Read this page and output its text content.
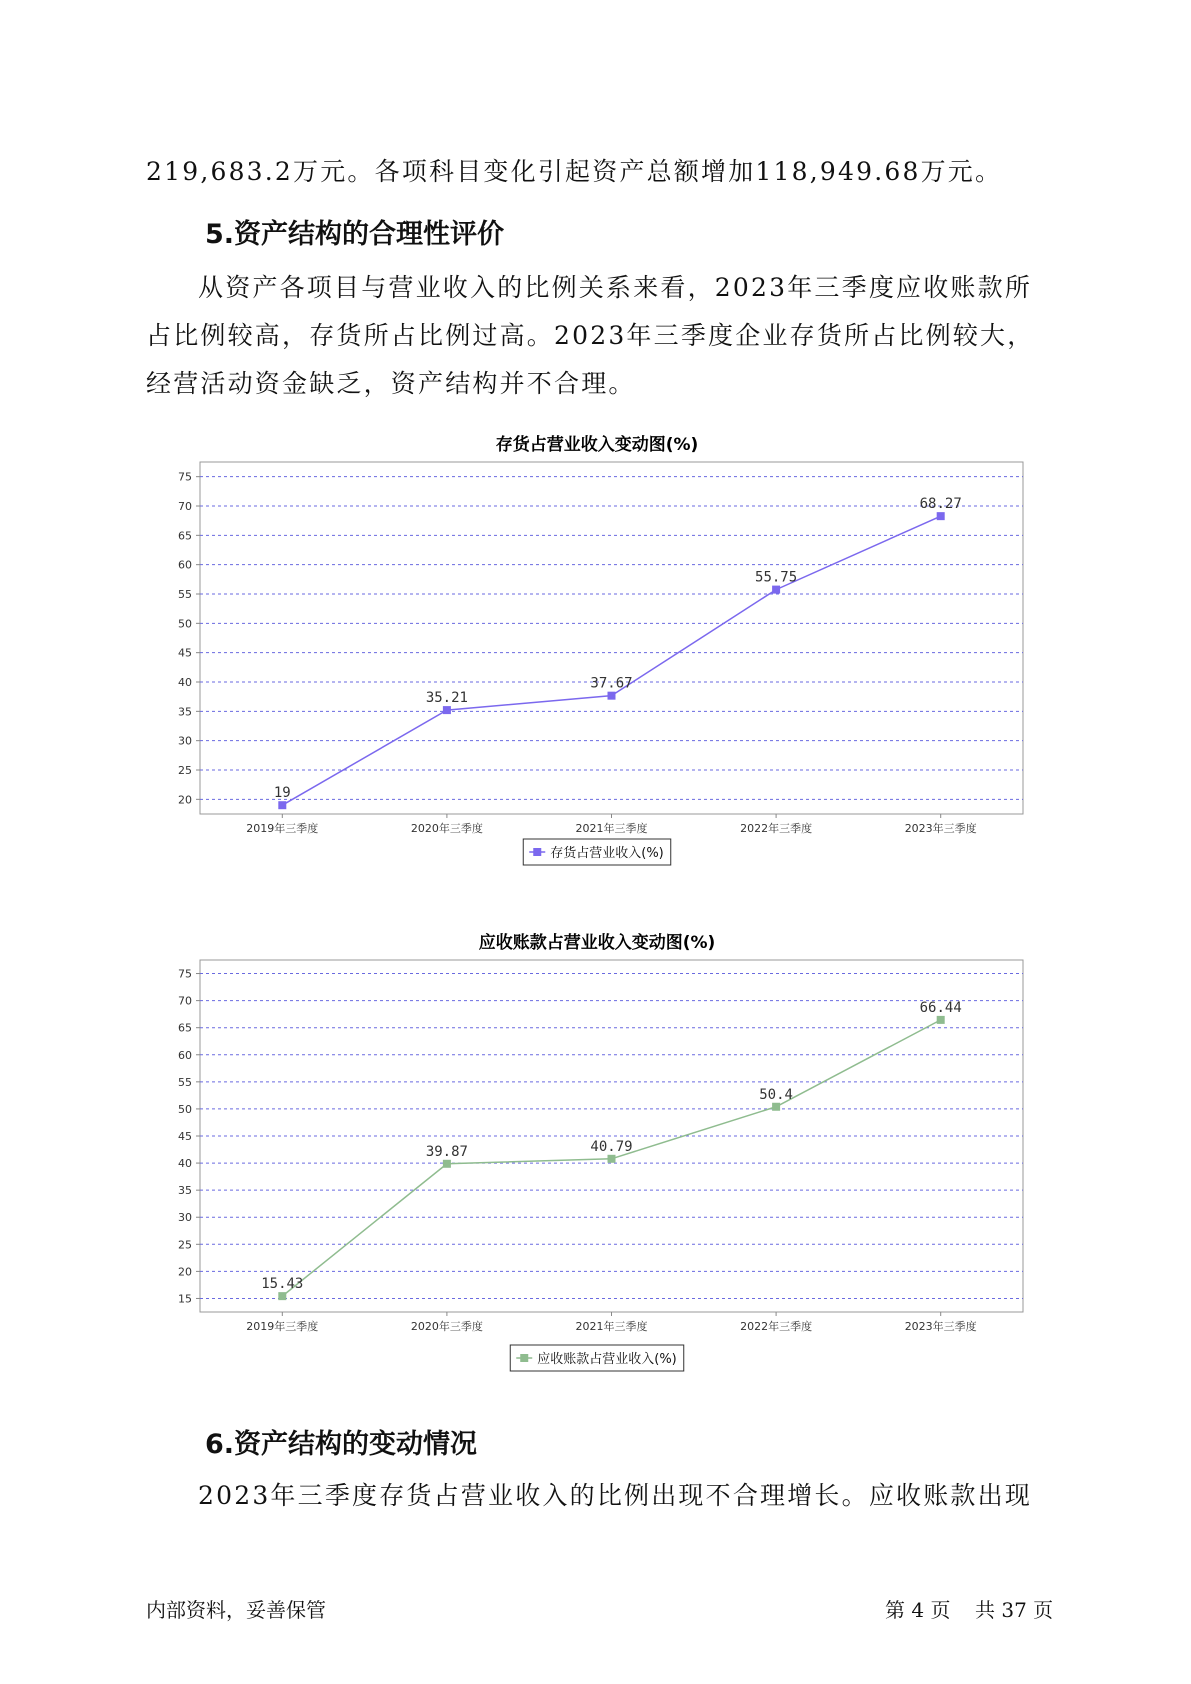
219,683.2万元。各项科目变化引起资产总额增加118,949.68万元。

5.资产结构的合理性评价

从资产各项目与营业收入的比例关系来看，2023年三季度应收账款所占比例较高，存货所占比例过高。2023年三季度企业存货所占比例较大，经营活动资金缺乏，资产结构并不合理。

存货占营业收入变动图(%)
20
25
30
35
40
45
50
55
60
65
70
75
2019年三季度	2020年三季度	2021年三季度	2022年三季度	2023年三季度
19
35.21
37.67
55.75
68.27
存货占营业收入(%)
应收账款占营业收入变动图(%)
15
20
25
30
35
40
45
50
55
60
65
70
75
2019年三季度	2020年三季度	2021年三季度	2022年三季度	2023年三季度
15.43
39.87	40.79
50.4
66.44
应收账款占营业收入(%)
6.资产结构的变动情况

2023年三季度存货占营业收入的比例出现不合理增长。应收账款出现

内部资料，妥善保管	第 4 页 共 37 页
